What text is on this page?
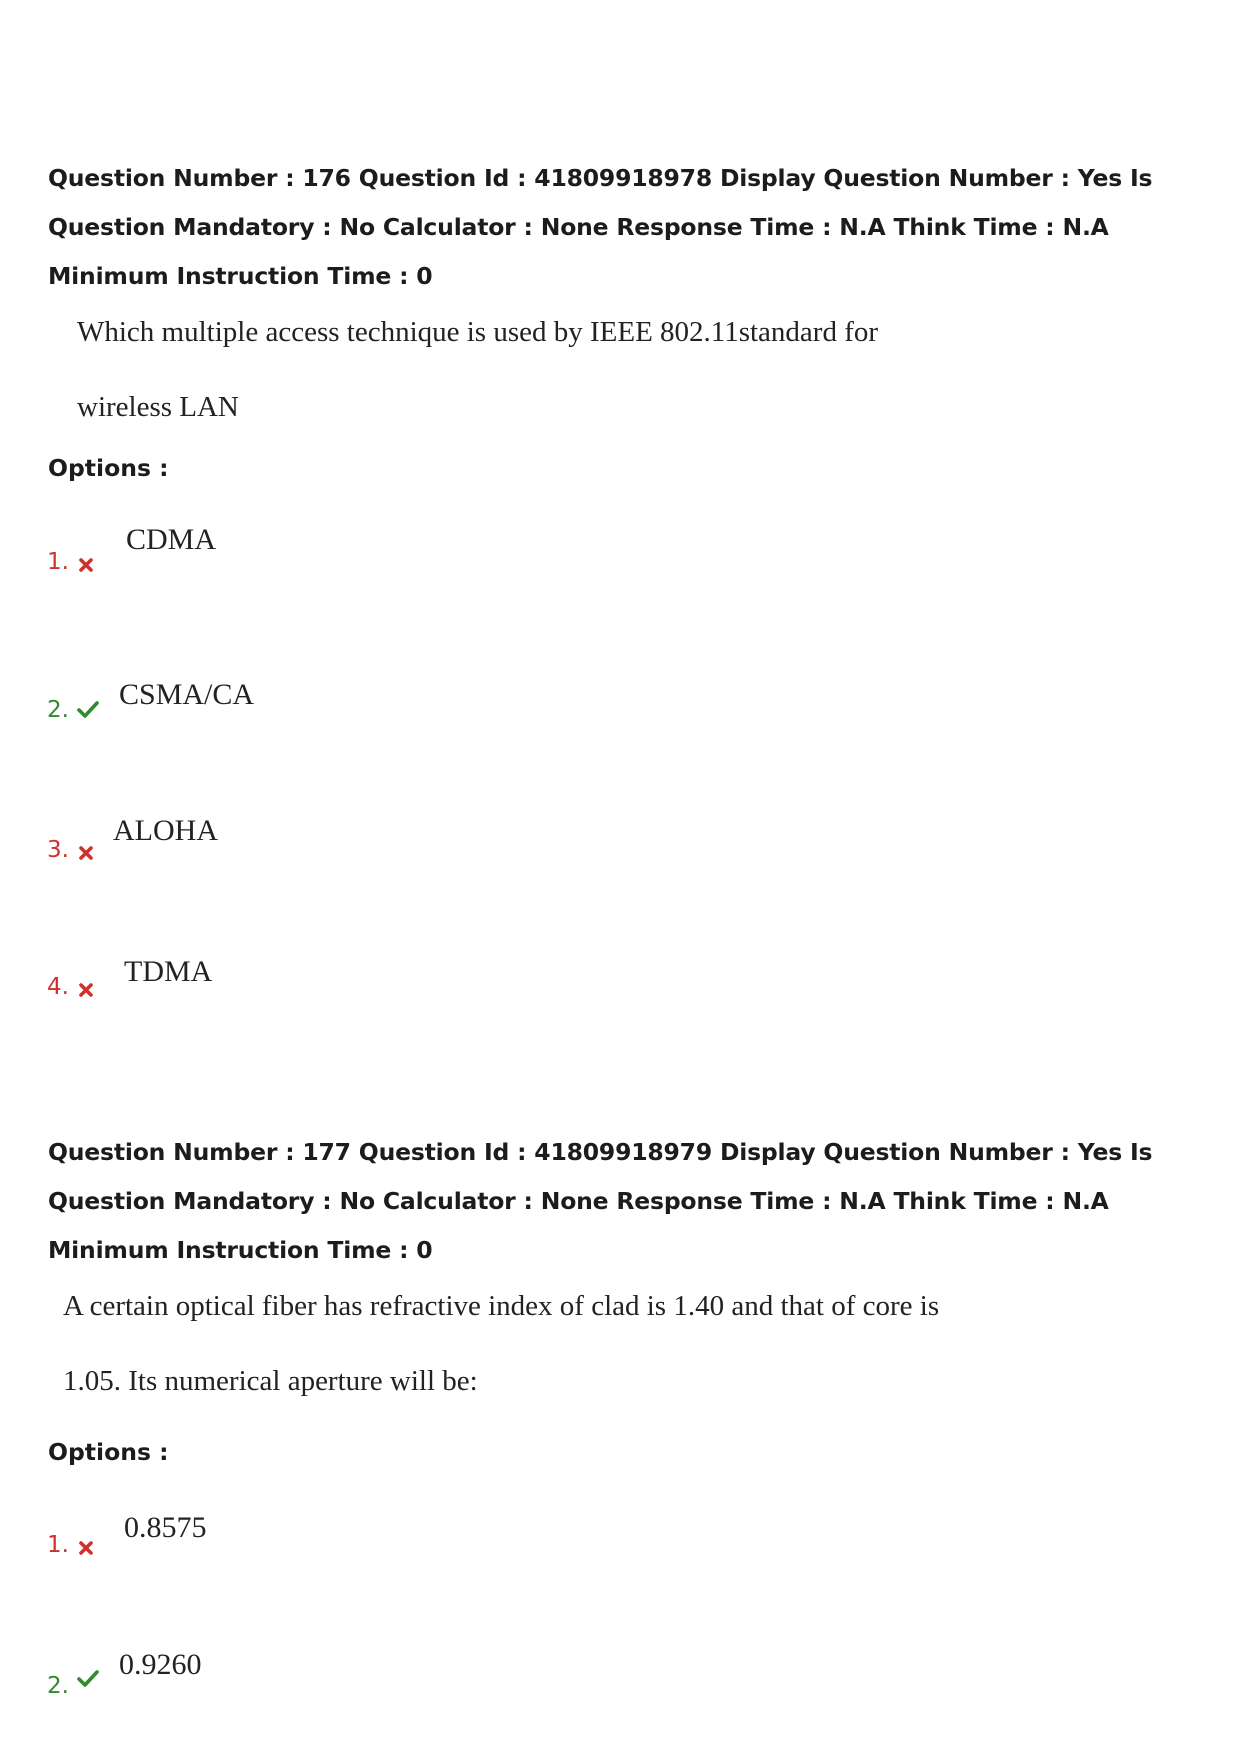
Question Number : 176 Question Id : 41809918978 Display Question Number : Yes Is Question Mandatory : No Calculator : None Response Time : N.A Think Time : N.A Minimum Instruction Time : 0
Which multiple access technique is used by IEEE 802.11standard for
wireless LAN
Options :
1.
CDMA
2. CSMA/CA
3.
ALOHA
4. TDMA
Question Number : 177 Question Id : 41809918979 Display Question Number : Yes Is Question Mandatory : No Calculator : None Response Time : N.A Think Time : N.A Minimum Instruction Time : 0
A certain optical fiber has refractive index of clad is 1.40 and that of core is
1.05. Its numerical aperture will be:
Options :
1.
0.8575
2.
0.9260
